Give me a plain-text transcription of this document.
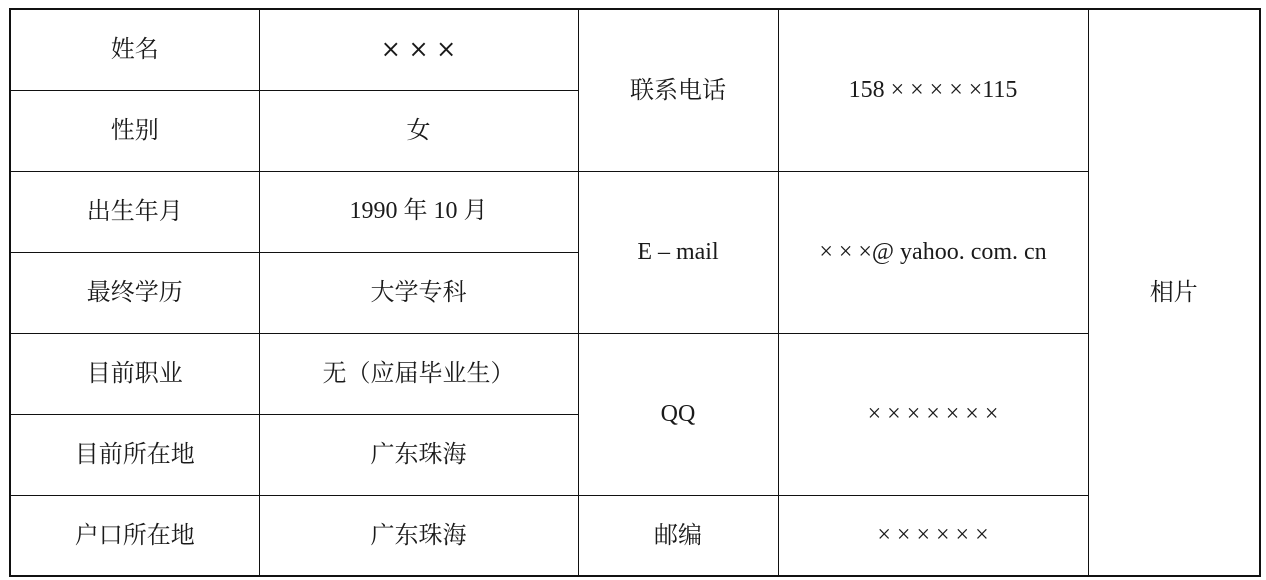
姓名	× × ×	联系电话	158 × × × × ×115	相片
性别	女			
出生年月	1990 年 10 月	E – mail	× × ×@ yahoo. com. cn	
最终学历	大学专科			
目前职业	无（应届毕业生）	QQ	× × × × × × ×	
目前所在地	广东珠海			
户口所在地	广东珠海	邮编	× × × × × ×	
